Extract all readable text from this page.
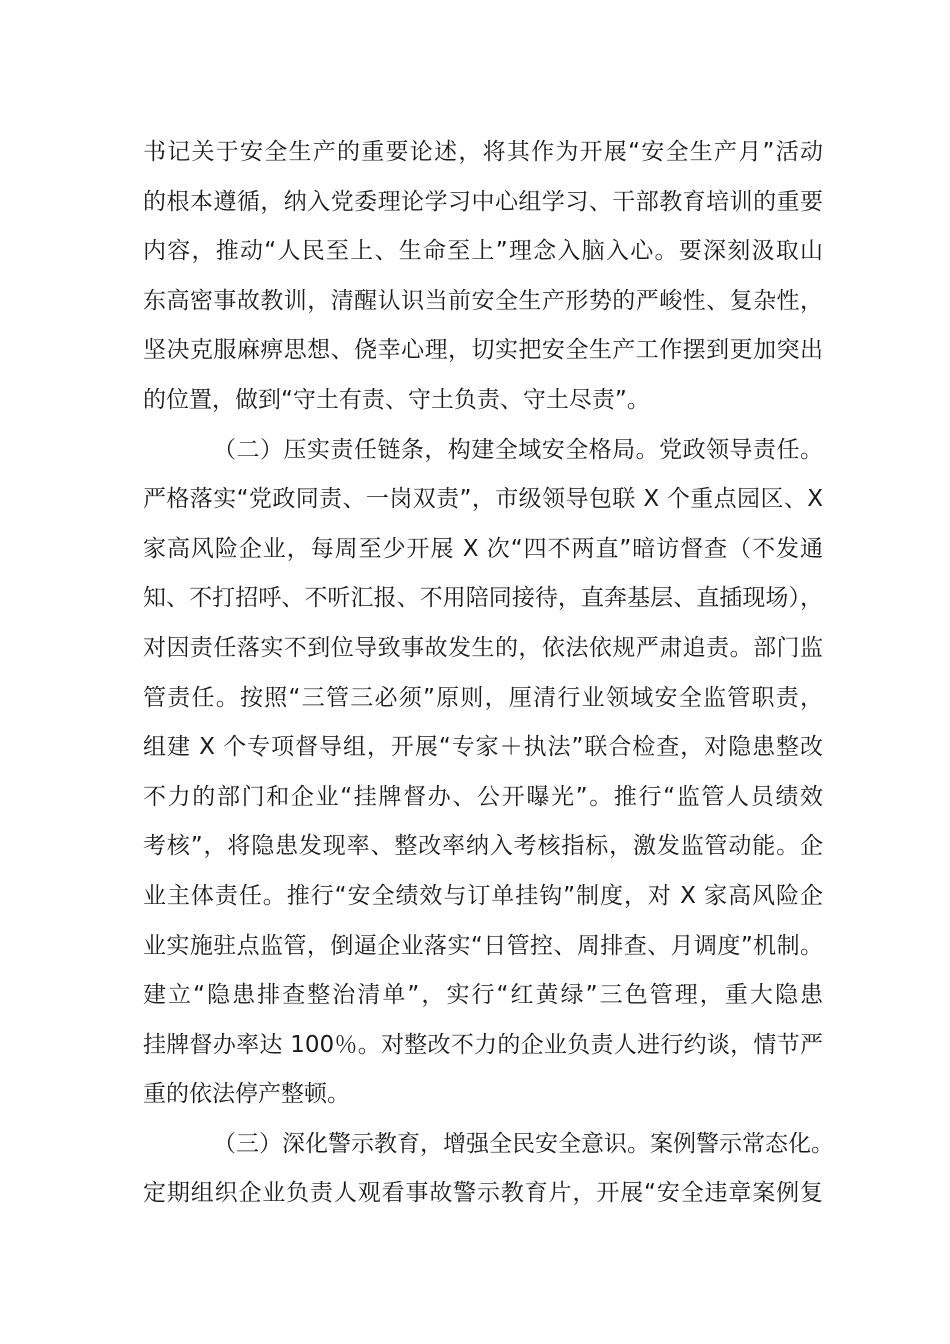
书记关于安全生产的重要论述，将其作为开展“安全生产月”活动
的根本遵循，纳入党委理论学习中心组学习、干部教育培训的重要
内容，推动“人民至上、生命至上”理念入脑入心。要深刻汲取山
东高密事故教训，清醒认识当前安全生产形势的严峻性、复杂性，
坚决克服麻痹思想、侥幸心理，切实把安全生产工作摆到更加突出
的位置，做到“守土有责、守土负责、守土尽责”。
（二）压实责任链条，构建全域安全格局。党政领导责任。
严格落实“党政同责、一岗双责”，市级领导包联 X 个重点园区、X
家高风险企业，每周至少开展 X 次“四不两直”暗访督查（不发通
知、不打招呼、不听汇报、不用陪同接待，直奔基层、直插现场），
对因责任落实不到位导致事故发生的，依法依规严肃追责。部门监
管责任。按照“三管三必须”原则，厘清行业领域安全监管职责，
组建 X 个专项督导组，开展“专家＋执法”联合检查，对隐患整改
不力的部门和企业“挂牌督办、公开曝光”。推行“监管人员绩效
考核”，将隐患发现率、整改率纳入考核指标，激发监管动能。企
业主体责任。推行“安全绩效与订单挂钩”制度，对 X 家高风险企
业实施驻点监管，倒逼企业落实“日管控、周排查、月调度”机制。
建立“隐患排查整治清单”，实行“红黄绿”三色管理，重大隐患
挂牌督办率达 100％。对整改不力的企业负责人进行约谈，情节严
重的依法停产整顿。
（三）深化警示教育，增强全民安全意识。案例警示常态化。
定期组织企业负责人观看事故警示教育片，开展“安全违章案例复
